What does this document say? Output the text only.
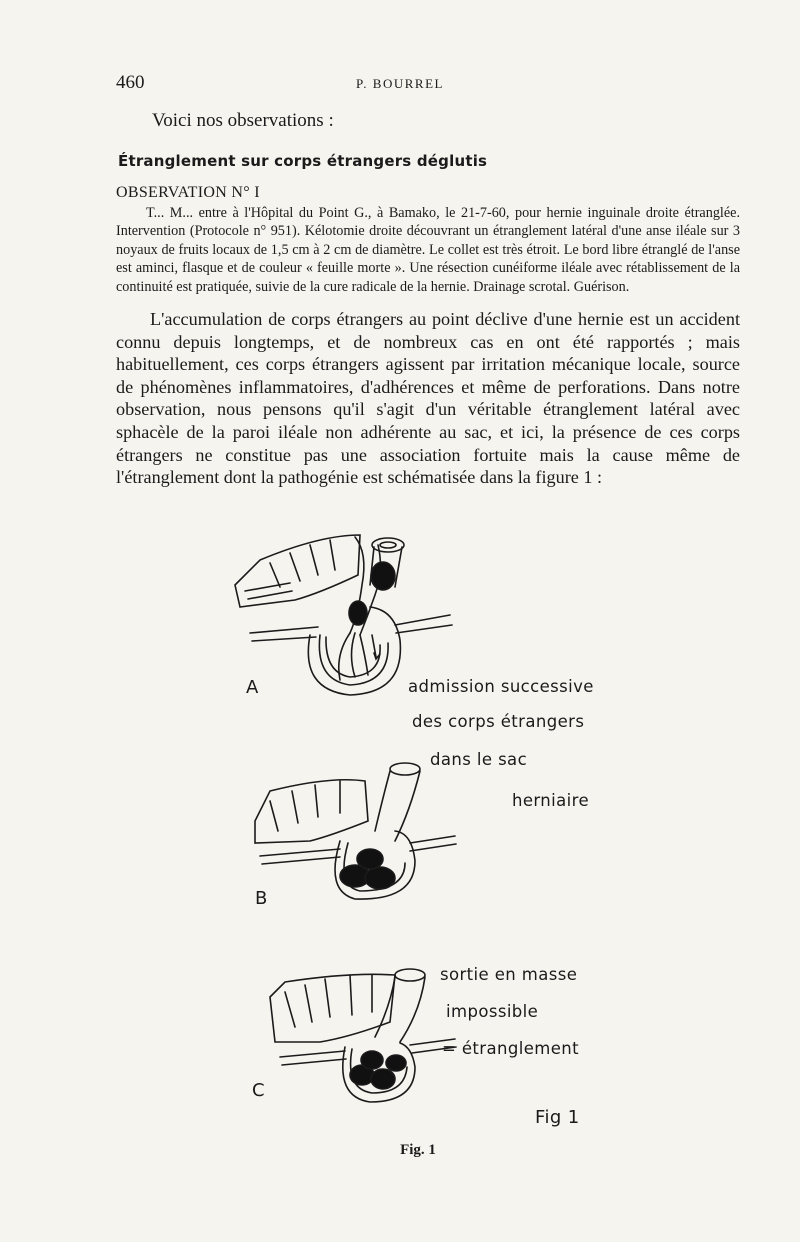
460	P. BOURREL
Voici nos observations :
Étranglement sur corps étrangers déglutis
OBSERVATION N° I
T... M... entre à l'Hôpital du Point G., à Bamako, le 21-7-60, pour hernie inguinale droite étranglée. Intervention (Protocole n° 951). Kélotomie droite découvrant un étranglement latéral d'une anse iléale sur 3 noyaux de fruits locaux de 1,5 cm à 2 cm de diamètre. Le collet est très étroit. Le bord libre étranglé de l'anse est aminci, flasque et de couleur « feuille morte ». Une résection cunéiforme iléale avec rétablissement de la continuité est pratiquée, suivie de la cure radicale de la hernie. Drainage scrotal. Guérison.
L'accumulation de corps étrangers au point déclive d'une hernie est un accident connu depuis longtemps, et de nombreux cas en ont été rapportés ; mais habituellement, ces corps étrangers agissent par irritation mécanique locale, source de phénomènes inflammatoires, d'adhérences et même de perforations. Dans notre observation, nous pensons qu'il s'agit d'un véritable étranglement latéral avec sphacèle de la paroi iléale non adhérente au sac, et ici, la présence de ces corps étrangers ne constitue pas une association fortuite mais la cause même de l'étranglement dont la pathogénie est schématisée dans la figure 1 :
A	admission successive
des corps étrangers
dans le sac
herniaire
B
C
sortie en masse
impossible
= étranglement
Fig 1
Fig. 1
